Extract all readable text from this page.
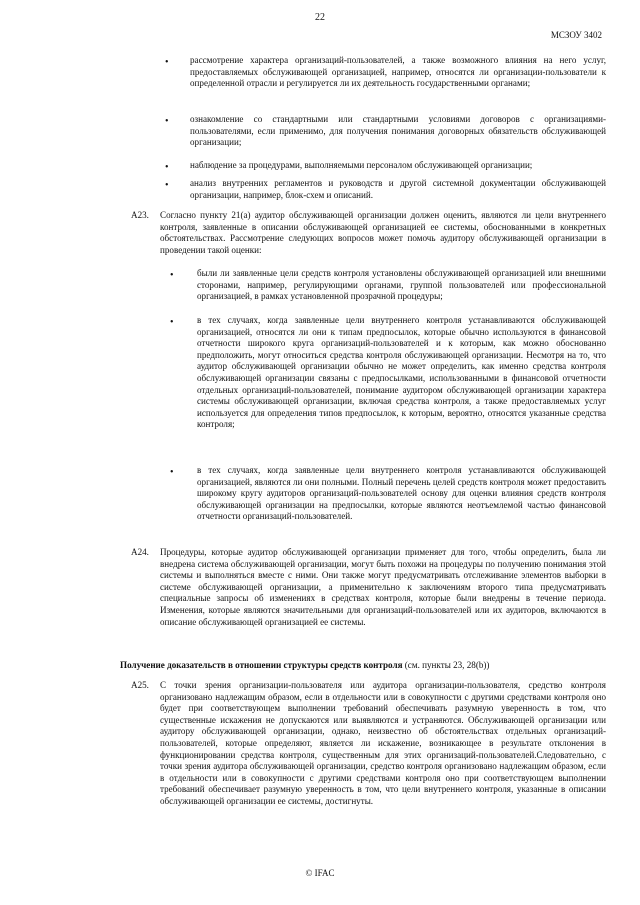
22
МСЗОУ 3402
• рассмотрение характера организаций-пользователей, а также возможного влияния на него услуг, предоставляемых обслуживающей организацией, например, относятся ли организации-пользователи к определенной отрасли и регулируется ли их деятельность государственными органами;

• ознакомление со стандартными или стандартными условиями договоров с организациями-пользователями, если применимо, для получения понимания договорных обязательств обслуживающей организации;

• наблюдение за процедурами, выполняемыми персоналом обслуживающей организации;

• анализ внутренних регламентов и руководств и другой системной документации обслуживающей организации, например, блок-схем и описаний.

A23. Согласно пункту 21(a) аудитор обслуживающей организации должен оценить, являются ли цели внутреннего контроля, заявленные в описании обслуживающей организацией ее системы, обоснованными в конкретных обстоятельствах. Рассмотрение следующих вопросов может помочь аудитору обслуживающей организации в проведении такой оценки:

•	были ли заявленные цели средств контроля установлены обслуживающей организацией или внешними сторонами, например, регулирующими органами, группой пользователей или профессиональной организацией, в рамках установленной прозрачной процедуры;

•	в тех случаях, когда заявленные цели внутреннего контроля устанавливаются обслуживающей организацией, относятся ли они к типам предпосылок, которые обычно используются в финансовой отчетности широкого круга организаций-пользователей и к которым, как можно обоснованно предположить, могут относиться средства контроля обслуживающей организации. Несмотря на то, что аудитор обслуживающей организации обычно не может определить, как именно средства контроля обслуживающей организации связаны с предпосылками, использованными в финансовой отчетности отдельных организаций-пользователей, понимание аудитором обслуживающей организации характера системы обслуживающей организации, включая средства контроля, а также предоставляемых услуг используется для определения типов предпосылок, к которым, вероятно, относятся указанные средства контроля;

•	в тех случаях, когда заявленные цели внутреннего контроля устанавливаются обслуживающей организацией, являются ли они полными. Полный перечень целей средств контроля может предоставить широкому кругу аудиторов организаций-пользователей основу для оценки влияния средств контроля обслуживающей организации на предпосылки, которые являются неотъемлемой частью финансовой отчетности организаций-пользователей.

A24. Процедуры, которые аудитор обслуживающей организации применяет для того, чтобы определить, была ли внедрена система обслуживающей организации, могут быть похожи на процедуры по получению понимания этой системы и выполняться вместе с ними. Они также могут предусматривать отслеживание элементов выборки в системе обслуживающей организации, а применительно к заключениям второго типа предусматривать специальные запросы об изменениях в средствах контроля, которые были внедрены в течение периода. Изменения, которые являются значительными для организаций-пользователей или их аудиторов, включаются в описание обслуживающей организацией ее системы.

Получение доказательств в отношении структуры средств контроля (см. пункты 23, 28(b))

A25. С точки зрения организации-пользователя или аудитора организации-пользователя, средство контроля организовано надлежащим образом, если в отдельности или в совокупности с другими средствами контроля оно будет при соответствующем выполнении требований обеспечивать разумную уверенность в том, что существенные искажения не допускаются или выявляются и устраняются. Обслуживающей организации или аудитору обслуживающей организации, однако, неизвестно об обстоятельствах отдельных организаций-пользователей, которые определяют, является ли искажение, возникающее в результате отклонения в функционировании средства контроля, существенным для этих организаций-пользователей.Следовательно, с точки зрения аудитора обслуживающей организации, средство контроля организовано надлежащим образом, если в отдельности или в совокупности с другими средствами контроля оно при соответствующем выполнении требований обеспечивает разумную уверенность в том, что цели внутреннего контроля, указанные в описании обслуживающей организации ее системы, достигнуты.

© IFAC
